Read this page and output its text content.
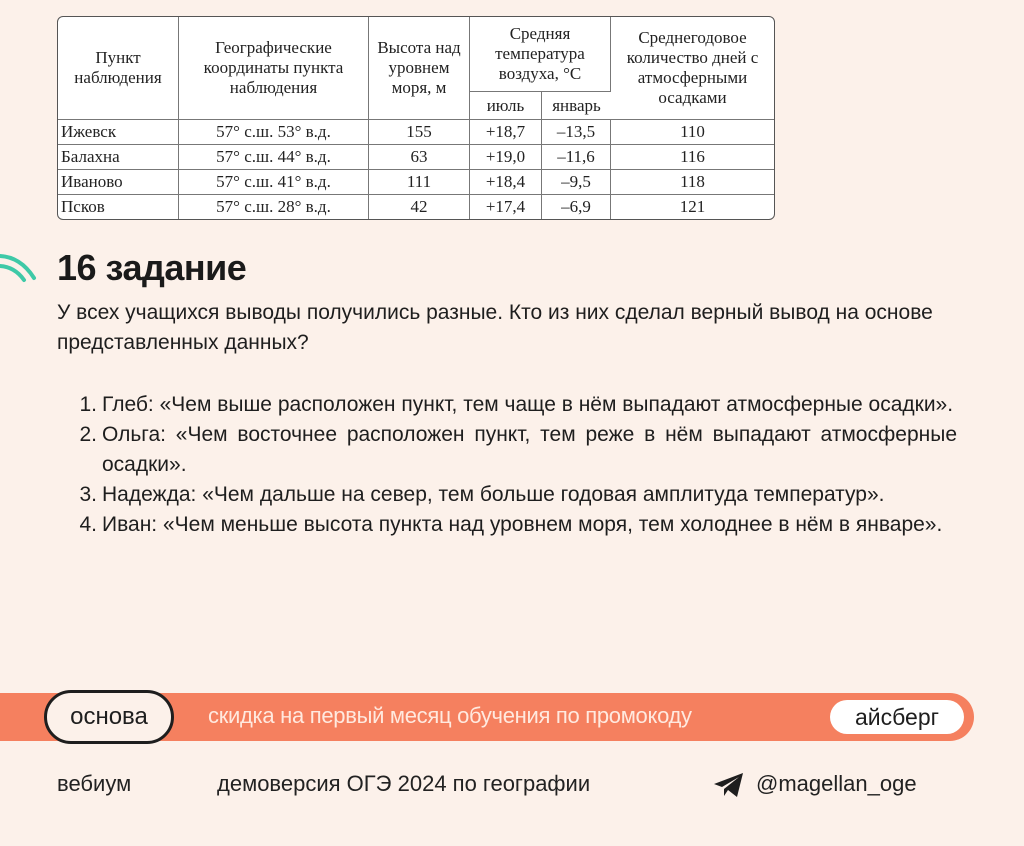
Пункт наблюдения	Географические координаты пункта наблюдения	Высота над уровнем моря, м	Средняя температура воздуха, °С		Среднегодовое количество дней с атмосферными осадками
			июль	январь	
Ижевск	57° с.ш. 53° в.д.	155	+18,7	–13,5	110
Балахна	57° с.ш. 44° в.д.	63	+19,0	–11,6	116
Иваново	57° с.ш. 41° в.д.	111	+18,4	–9,5	118
Псков	57° с.ш. 28° в.д.	42	+17,4	–6,9	121
16 задание

У всех учащихся выводы получились разные. Кто из них сделал верный вывод на основе представленных данных?

1. Глеб: «Чем выше расположен пункт, тем чаще в нём выпадают атмосферные осадки».
2. Ольга: «Чем восточнее расположен пункт, тем реже в нём выпадают атмосферные осадки».
3. Надежда: «Чем дальше на север, тем больше годовая амплитуда температур».
4. Иван: «Чем меньше высота пункта над уровнем моря, тем холоднее в нём в январе».
основа	скидка на первый месяц обучения по промокоду	айсберг
вебиум	демоверсия ОГЭ 2024 по географии	@magellan_oge
